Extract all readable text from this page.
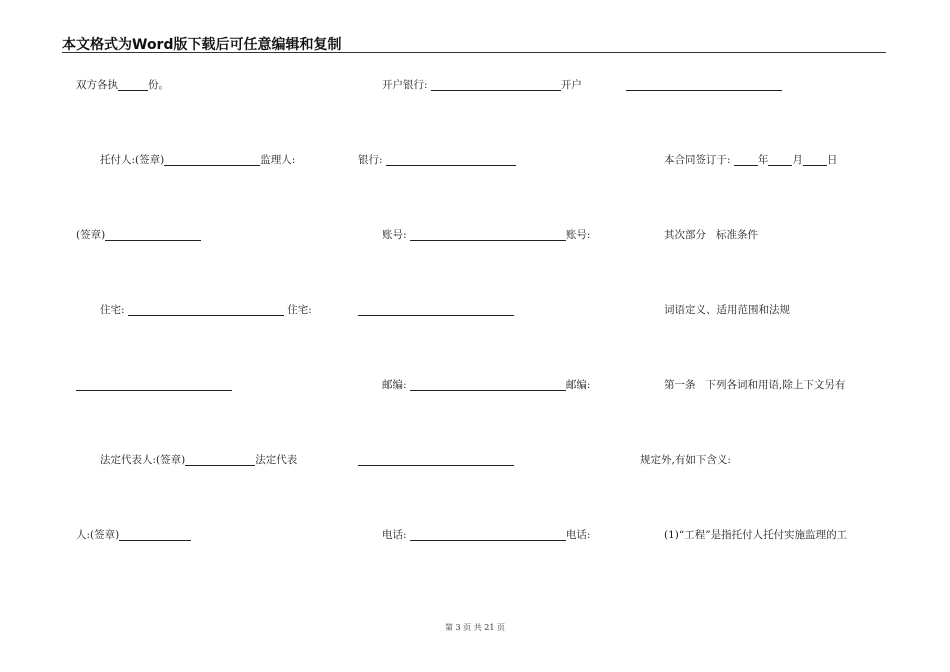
本文格式为Word版下载后可任意编辑和复制
双方各执	份。
托付人:(签章)	监理人:
(签章)
住宅:	住宅:
法定代表人:(签章)	法定代表
人:(签章)
开户银行:	开户
银行:
账号:	账号:
邮编:	邮编:
电话:	电话:
本合同签订于:	年 月 日
其次部分   标准条件
词语定义、适用范围和法规
第一条   下列各词和用语,除上下文另有
规定外,有如下含义:
(1)“工程”是指托付人托付实施监理的工
第 3 页 共 21 页
